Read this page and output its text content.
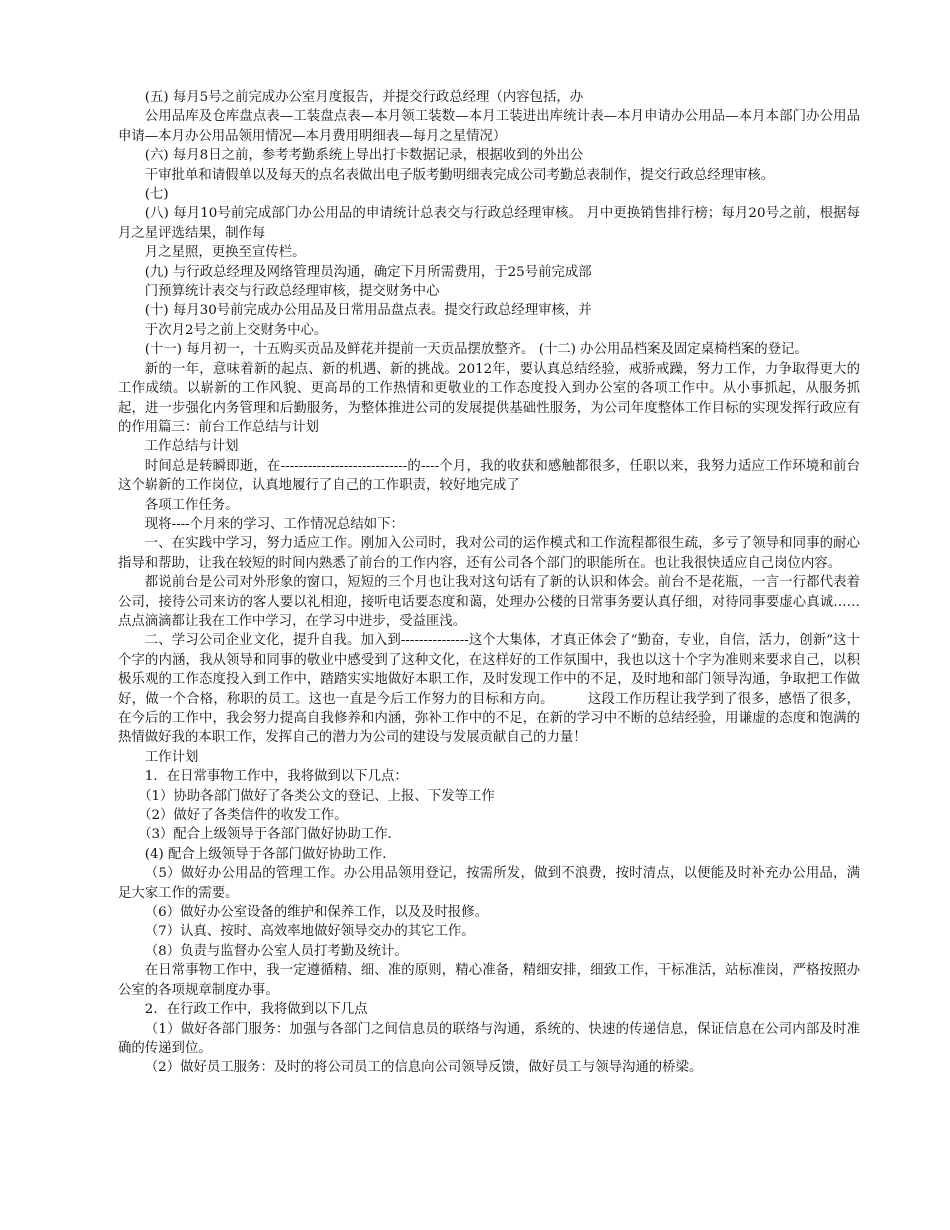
(五) 每月5号之前完成办公室月度报告，并提交行政总经理（内容包括，办

公用品库及仓库盘点表—工装盘点表—本月领工装数—本月工装进出库统计表—本月申请办公用品—本月本部门办公用品申请—本月办公用品领用情况—本月费用明细表—每月之星情况）

(六) 每月8日之前，参考考勤系统上导出打卡数据记录，根据收到的外出公

干审批单和请假单以及每天的点名表做出电子版考勤明细表完成公司考勤总表制作，提交行政总经理审核。

(七)

(八) 每月10号前完成部门办公用品的申请统计总表交与行政总经理审核。 月中更换销售排行榜；每月20号之前，根据每月之星评选结果，制作每

月之星照，更换至宣传栏。

(九) 与行政总经理及网络管理员沟通，确定下月所需费用，于25号前完成部

门预算统计表交与行政总经理审核，提交财务中心

(十) 每月30号前完成办公用品及日常用品盘点表。提交行政总经理审核，并

于次月2号之前上交财务中心。

(十一) 每月初一，十五购买贡品及鲜花并提前一天贡品摆放整齐。 (十二) 办公用品档案及固定桌椅档案的登记。

新的一年，意味着新的起点、新的机遇、新的挑战。2012年，要认真总结经验，戒骄戒躁，努力工作，力争取得更大的工作成绩。以崭新的工作风貌、更高昂的工作热情和更敬业的工作态度投入到办公室的各项工作中。从小事抓起，从服务抓起，进一步强化内务管理和后勤服务，为整体推进公司的发展提供基础性服务，为公司年度整体工作目标的实现发挥行政应有的作用篇三：前台工作总结与计划

工作总结与计划

时间总是转瞬即逝，在----------------------------的----个月，我的收获和感触都很多，任职以来，我努力适应工作环境和前台这个崭新的工作岗位，认真地履行了自己的工作职责，较好地完成了

各项工作任务。

现将----个月来的学习、工作情况总结如下：

一、在实践中学习，努力适应工作。刚加入公司时，我对公司的运作模式和工作流程都很生疏，多亏了领导和同事的耐心指导和帮助，让我在较短的时间内熟悉了前台的工作内容，还有公司各个部门的职能所在。也让我很快适应自己岗位内容。

都说前台是公司对外形象的窗口，短短的三个月也让我对这句话有了新的认识和体会。前台不是花瓶，一言一行都代表着公司，接待公司来访的客人要以礼相迎，接听电话要态度和蔼，处理办公楼的日常事务要认真仔细，对待同事要虚心真诚……点点滴滴都让我在工作中学习，在学习中进步，受益匪浅。

二、学习公司企业文化，提升自我。加入到---------------这个大集体，才真正体会了“勤奋，专业，自信，活力，创新”这十个字的内涵，我从领导和同事的敬业中感受到了这种文化，在这样好的工作氛围中，我也以这十个字为准则来要求自己，以积极乐观的工作态度投入到工作中，踏踏实实地做好本职工作，及时发现工作中的不足，及时地和部门领导沟通，争取把工作做好，做一个合格，称职的员工。这也一直是今后工作努力的目标和方向。　　　这段工作历程让我学到了很多，感悟了很多，在今后的工作中，我会努力提高自我修养和内涵，弥补工作中的不足，在新的学习中不断的总结经验，用谦虚的态度和饱满的热情做好我的本职工作，发挥自己的潜力为公司的建设与发展贡献自己的力量！

工作计划

1．在日常事物工作中，我将做到以下几点：

（1）协助各部门做好了各类公文的登记、上报、下发等工作

（2）做好了各类信件的收发工作。

（3）配合上级领导于各部门做好协助工作．

(4) 配合上级领导于各部门做好协助工作．

（5）做好办公用品的管理工作。办公用品领用登记，按需所发，做到不浪费，按时清点，以便能及时补充办公用品，满足大家工作的需要。

（6）做好办公室设备的维护和保养工作，以及及时报修。

（7）认真、按时、高效率地做好领导交办的其它工作。

（8）负责与监督办公室人员打考勤及统计。

在日常事物工作中，我一定遵循精、细、准的原则，精心准备，精细安排，细致工作，干标准活，站标准岗，严格按照办公室的各项规章制度办事。

2．在行政工作中，我将做到以下几点

（1）做好各部门服务：加强与各部门之间信息员的联络与沟通，系统的、快速的传递信息，保证信息在公司内部及时准确的传递到位。

（2）做好员工服务：及时的将公司员工的信息向公司领导反馈，做好员工与领导沟通的桥梁。
